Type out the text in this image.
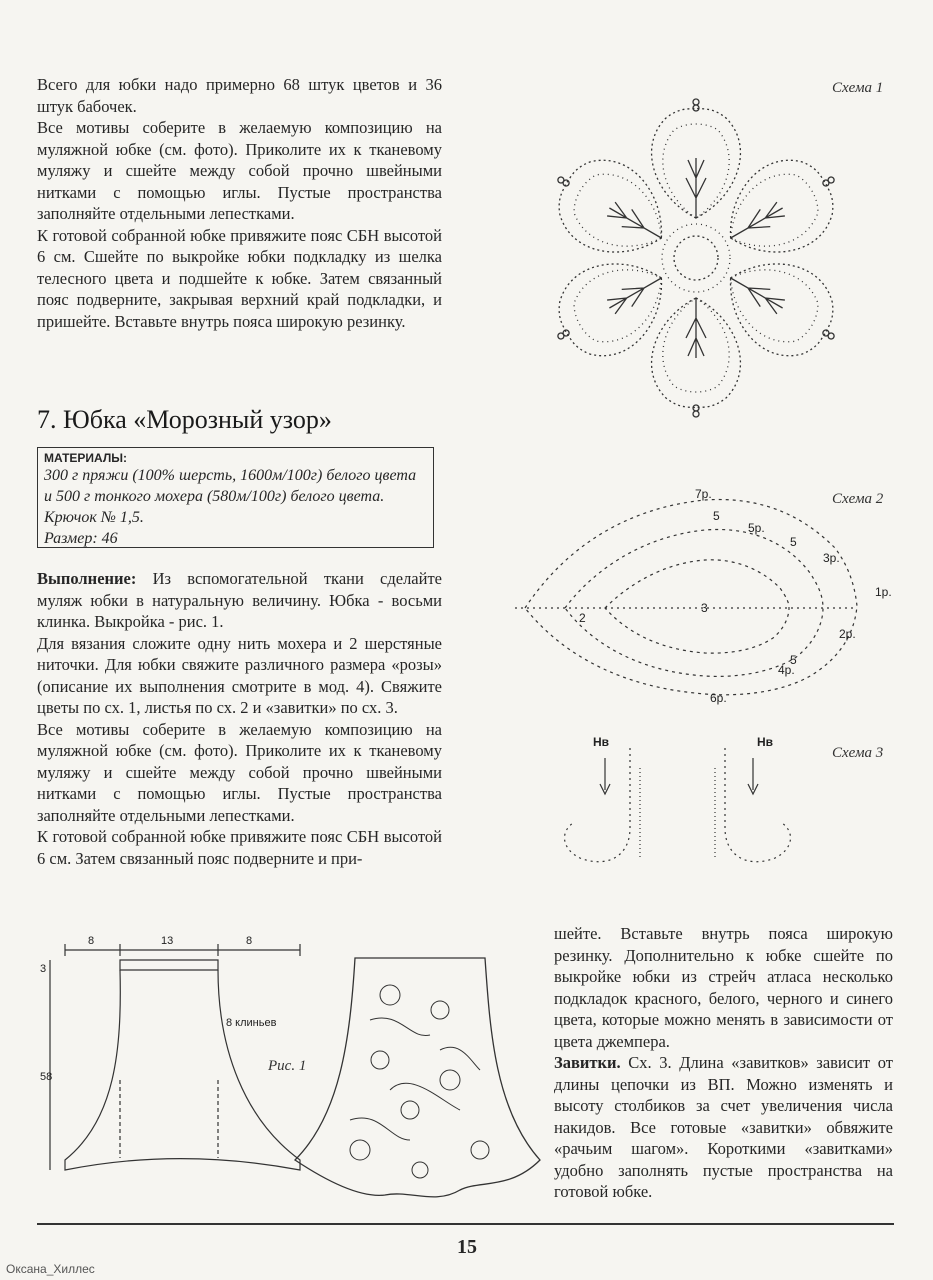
Всего для юбки надо примерно 68 штук цветов и 36 штук бабочек.

Все мотивы соберите в желаемую композицию на муляжной юбке (см. фото). Приколите их к тканевому муляжу и сшейте между собой прочно швейными нитками с помощью иглы. Пустые пространства заполняйте отдельными лепестками.

К готовой собранной юбке привяжите пояс СБН высотой 6 см. Сшейте по выкройке юбки подкладку из шелка телесного цвета и подшейте к юбке. Затем связанный пояс подверните, закрывая верхний край подкладки, и пришейте. Вставьте внутрь пояса широкую резинку.

7. Юбка «Морозный узор»
МАТЕРИАЛЫ:
300 г пряжи (100% шерсть, 1600м/100г) белого цвета и 500 г тонкого мохера (580м/100г) белого цвета. Крючок № 1,5.
Размер: 46

Выполнение: Из вспомогательной ткани сделайте муляж юбки в натуральную величину. Юбка - восьми клинка. Выкройка - рис. 1.

Для вязания сложите одну нить мохера и 2 шерстяные ниточки. Для юбки свяжите различного размера «розы» (описание их выполнения смотрите в мод. 4). Свяжите цветы по сх. 1, листья по сх. 2 и «завитки» по сх. 3.

Все мотивы соберите в желаемую композицию на муляжной юбке (см. фото). Приколите их к тканевому муляжу и сшейте между собой прочно швейными нитками с помощью иглы. Пустые пространства заполняйте отдельными лепестками.

К готовой собранной юбке привяжите пояс СБН высотой 6 см. Затем связанный пояс подверните и при-

шейте. Вставьте внутрь пояса широкую резинку. Дополнительно к юбке сшейте по выкройке юбки из стрейч атласа несколько подкладок красного, белого, черного и синего цвета, которые можно менять в зависимости от цвета джемпера.

Завитки. Сх. 3. Длина «завитков» зависит от длины цепочки из ВП. Можно изменять и высоту столбиков за счет увеличения числа накидов. Все готовые «завитки» обвяжите «рачьим шагом». Короткими «завитками» удобно заполнять пустые пространства на готовой юбке.

Схема 1
Схема 2
Схема 3
7р.
5р.
3р.
1р.
2р.
4р.
6р.
5
5
5
2
3
Нв	Нв
8	13	8
3
58
8 клиньев
Рис. 1
15
Оксана_Хиллес
